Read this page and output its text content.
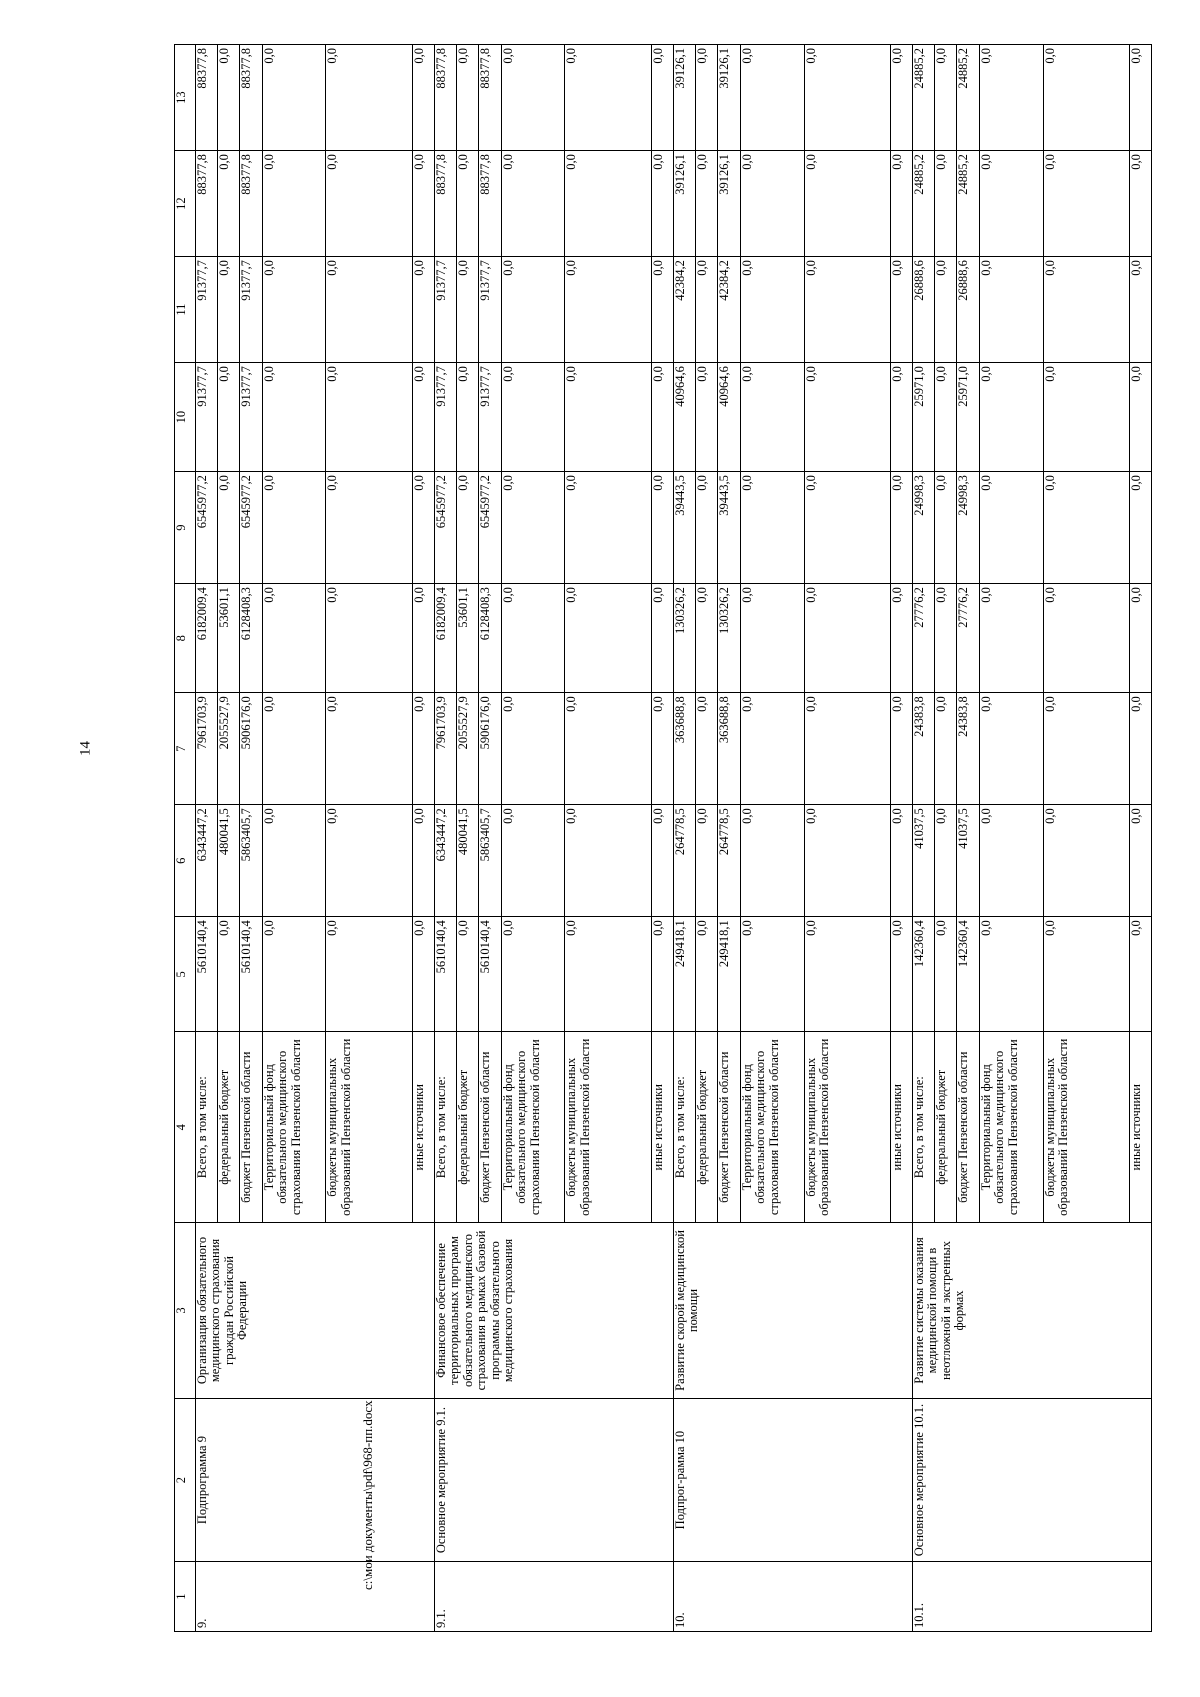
14
1	2	3	4	5	6	7	8	9	10	11	12	13
9.	Подпрограмма 9	Организация обязательного медицинского страхования граждан Российской Федерации	Всего, в том числе:	5610140,4	6343447,2	7961703,9	6182009,4	6545977,2	91377,7	91377,7	88377,8	88377,8
			федеральный бюджет	0,0	480041,5	2055527,9	53601,1	0,0	0,0	0,0	0,0	0,0
			бюджет Пензенской области	5610140,4	5863405,7	5906176,0	6128408,3	6545977,2	91377,7	91377,7	88377,8	88377,8
			Территориальный фонд обязательного медицинского страхования Пензенской области	0,0	0,0	0,0	0,0	0,0	0,0	0,0	0,0	0,0
			бюджеты муниципальных образований Пензенской области	0,0	0,0	0,0	0,0	0,0	0,0	0,0	0,0	0,0
			иные источники	0,0	0,0	0,0	0,0	0,0	0,0	0,0	0,0	0,0
9.1.	Основное мероприятие 9.1.	Финансовое обеспечение территориальных программ обязательного медицинского страхования в рамках базовой программы обязательного медицинского страхования	Всего, в том числе:	5610140,4	6343447,2	7961703,9	6182009,4	6545977,2	91377,7	91377,7	88377,8	88377,8
			федеральный бюджет	0,0	480041,5	2055527,9	53601,1	0,0	0,0	0,0	0,0	0,0
			бюджет Пензенской области	5610140,4	5863405,7	5906176,0	6128408,3	6545977,2	91377,7	91377,7	88377,8	88377,8
			Территориальный фонд обязательного медицинского страхования Пензенской области	0,0	0,0	0,0	0,0	0,0	0,0	0,0	0,0	0,0
			бюджеты муниципальных образований Пензенской области	0,0	0,0	0,0	0,0	0,0	0,0	0,0	0,0	0,0
			иные источники	0,0	0,0	0,0	0,0	0,0	0,0	0,0	0,0	0,0
10.	Подпрог-рамма 10	Развитие скорой медицинской помощи	Всего, в том числе:	249418,1	264778,5	363688,8	130326,2	39443,5	40964,6	42384,2	39126,1	39126,1
			федеральный бюджет	0,0	0,0	0,0	0,0	0,0	0,0	0,0	0,0	0,0
			бюджет Пензенской области	249418,1	264778,5	363688,8	130326,2	39443,5	40964,6	42384,2	39126,1	39126,1
			Территориальный фонд обязательного медицинского страхования Пензенской области	0,0	0,0	0,0	0,0	0,0	0,0	0,0	0,0	0,0
			бюджеты муниципальных образований Пензенской области	0,0	0,0	0,0	0,0	0,0	0,0	0,0	0,0	0,0
			иные источники	0,0	0,0	0,0	0,0	0,0	0,0	0,0	0,0	0,0
10.1.	Основное мероприятие 10.1.	Развитие системы оказания медицинской помощи в неотложной и экстренных формах	Всего, в том числе:	142360,4	41037,5	24383,8	27776,2	24998,3	25971,0	26888,6	24885,2	24885,2
			федеральный бюджет	0,0	0,0	0,0	0,0	0,0	0,0	0,0	0,0	0,0
			бюджет Пензенской области	142360,4	41037,5	24383,8	27776,2	24998,3	25971,0	26888,6	24885,2	24885,2
			Территориальный фонд обязательного медицинского страхования Пензенской области	0,0	0,0	0,0	0,0	0,0	0,0	0,0	0,0	0,0
			бюджеты муниципальных образований Пензенской области	0,0	0,0	0,0	0,0	0,0	0,0	0,0	0,0	0,0
			иные источники	0,0	0,0	0,0	0,0	0,0	0,0	0,0	0,0	0,0
c:\мои документы\pdf\968-пп.docx
